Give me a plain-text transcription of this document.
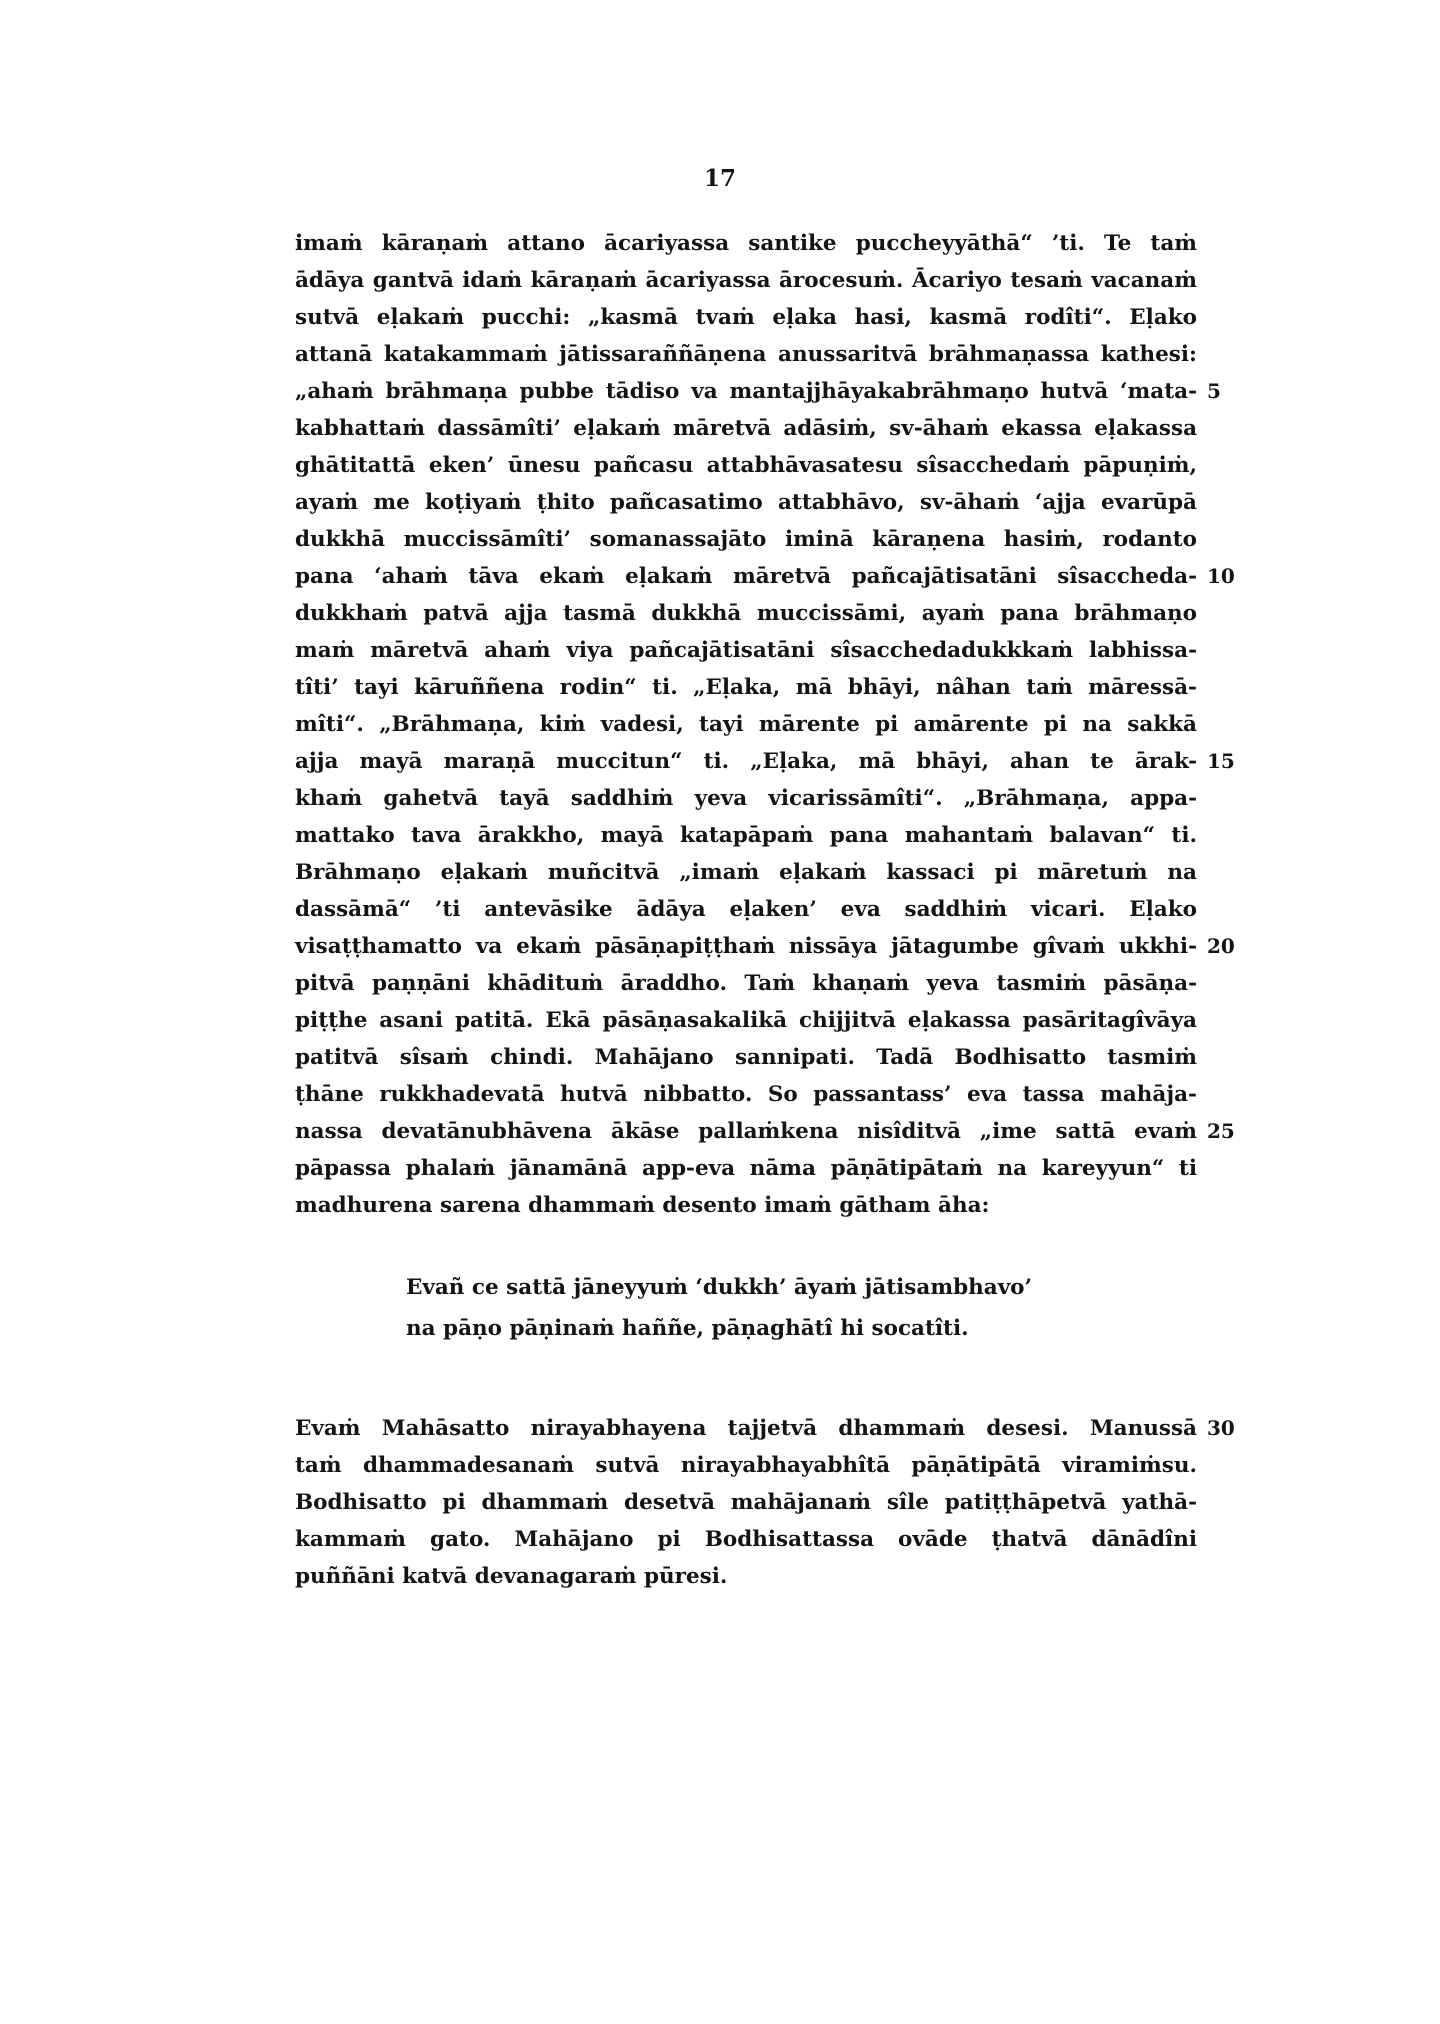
17
imaṁ kāraṇaṁ attano ācariyassa santike puccheyyāthā“ ’ti. Te taṁ
ādāya gantvā idaṁ kāraṇaṁ ācariyassa ārocesuṁ. Ācariyo tesaṁ vacanaṁ
sutvā eḷakaṁ pucchi: „kasmā tvaṁ eḷaka hasi, kasmā rodîti“. Eḷako
attanā katakammaṁ jātissaraññāṇena anussaritvā brāhmaṇassa kathesi:
„ahaṁ brāhmaṇa pubbe tādiso va mantajjhāyakabrāhmaṇo hutvā ‘mata- 5
kabhattaṁ dassāmîti’ eḷakaṁ māretvā adāsiṁ, sv-āhaṁ ekassa eḷakassa
ghātitattā eken’ ūnesu pañcasu attabhāvasatesu sîsacchedaṁ pāpuṇiṁ,
ayaṁ me koṭiyaṁ ṭhito pañcasatimo attabhāvo, sv-āhaṁ ‘ajja evarūpā
dukkhā muccissāmîti’ somanassajāto iminā kāraṇena hasiṁ, rodanto
pana ‘ahaṁ tāva ekaṁ eḷakaṁ māretvā pañcajātisatāni sîsaccheda- 10
dukkhaṁ patvā ajja tasmā dukkhā muccissāmi, ayaṁ pana brāhmaṇo
maṁ māretvā ahaṁ viya pañcajātisatāni sîsacchedadukkkaṁ labhissa-
tîti’ tayi kāruññena rodin“ ti. „Eḷaka, mā bhāyi, nâhan taṁ māressā-
mîti“. „Brāhmaṇa, kiṁ vadesi, tayi mārente pi amārente pi na sakkā
ajja mayā maraṇā muccitun“ ti. „Eḷaka, mā bhāyi, ahan te ārak- 15
khaṁ gahetvā tayā saddhiṁ yeva vicarissāmîti“. „Brāhmaṇa, appa-
mattako tava ārakkho, mayā katapāpaṁ pana mahantaṁ balavan“ ti.
Brāhmaṇo eḷakaṁ muñcitvā „imaṁ eḷakaṁ kassaci pi māretuṁ na
dassāmā“ ’ti antevāsike ādāya eḷaken’ eva saddhiṁ vicari. Eḷako
visaṭṭhamatto va ekaṁ pāsāṇapiṭṭhaṁ nissāya jātagumbe gîvaṁ ukkhi- 20
pitvā paṇṇāni khādituṁ āraddho. Taṁ khaṇaṁ yeva tasmiṁ pāsāṇa-
piṭṭhe asani patitā. Ekā pāsāṇasakalikā chijjitvā eḷakassa pasāritagîvāya
patitvā sîsaṁ chindi. Mahājano sannipati. Tadā Bodhisatto tasmiṁ
ṭhāne rukkhadevatā hutvā nibbatto. So passantass’ eva tassa mahāja-
nassa devatānubhāvena ākāse pallaṁkena nisîditvā „ime sattā evaṁ 25
pāpassa phalaṁ jānamānā app-eva nāma pāṇātipātaṁ na kareyyun“ ti
madhurena sarena dhammaṁ desento imaṁ gātham āha:
Evañ ce sattā jāneyyuṁ ‘dukkh’ āyaṁ jātisambhavo’
na pāṇo pāṇinaṁ haññe, pāṇaghātî hi socatîti.
Evaṁ Mahāsatto nirayabhayena tajjetvā dhammaṁ desesi. Manussā 30
taṁ dhammadesanaṁ sutvā nirayabhayabhîtā pāṇātipātā viramiṁsu.
Bodhisatto pi dhammaṁ desetvā mahājanaṁ sîle patiṭṭhāpetvā yathā-
kammaṁ gato. Mahājano pi Bodhisattassa ovāde ṭhatvā dānādîni
puññāni katvā devanagaraṁ pūresi.
